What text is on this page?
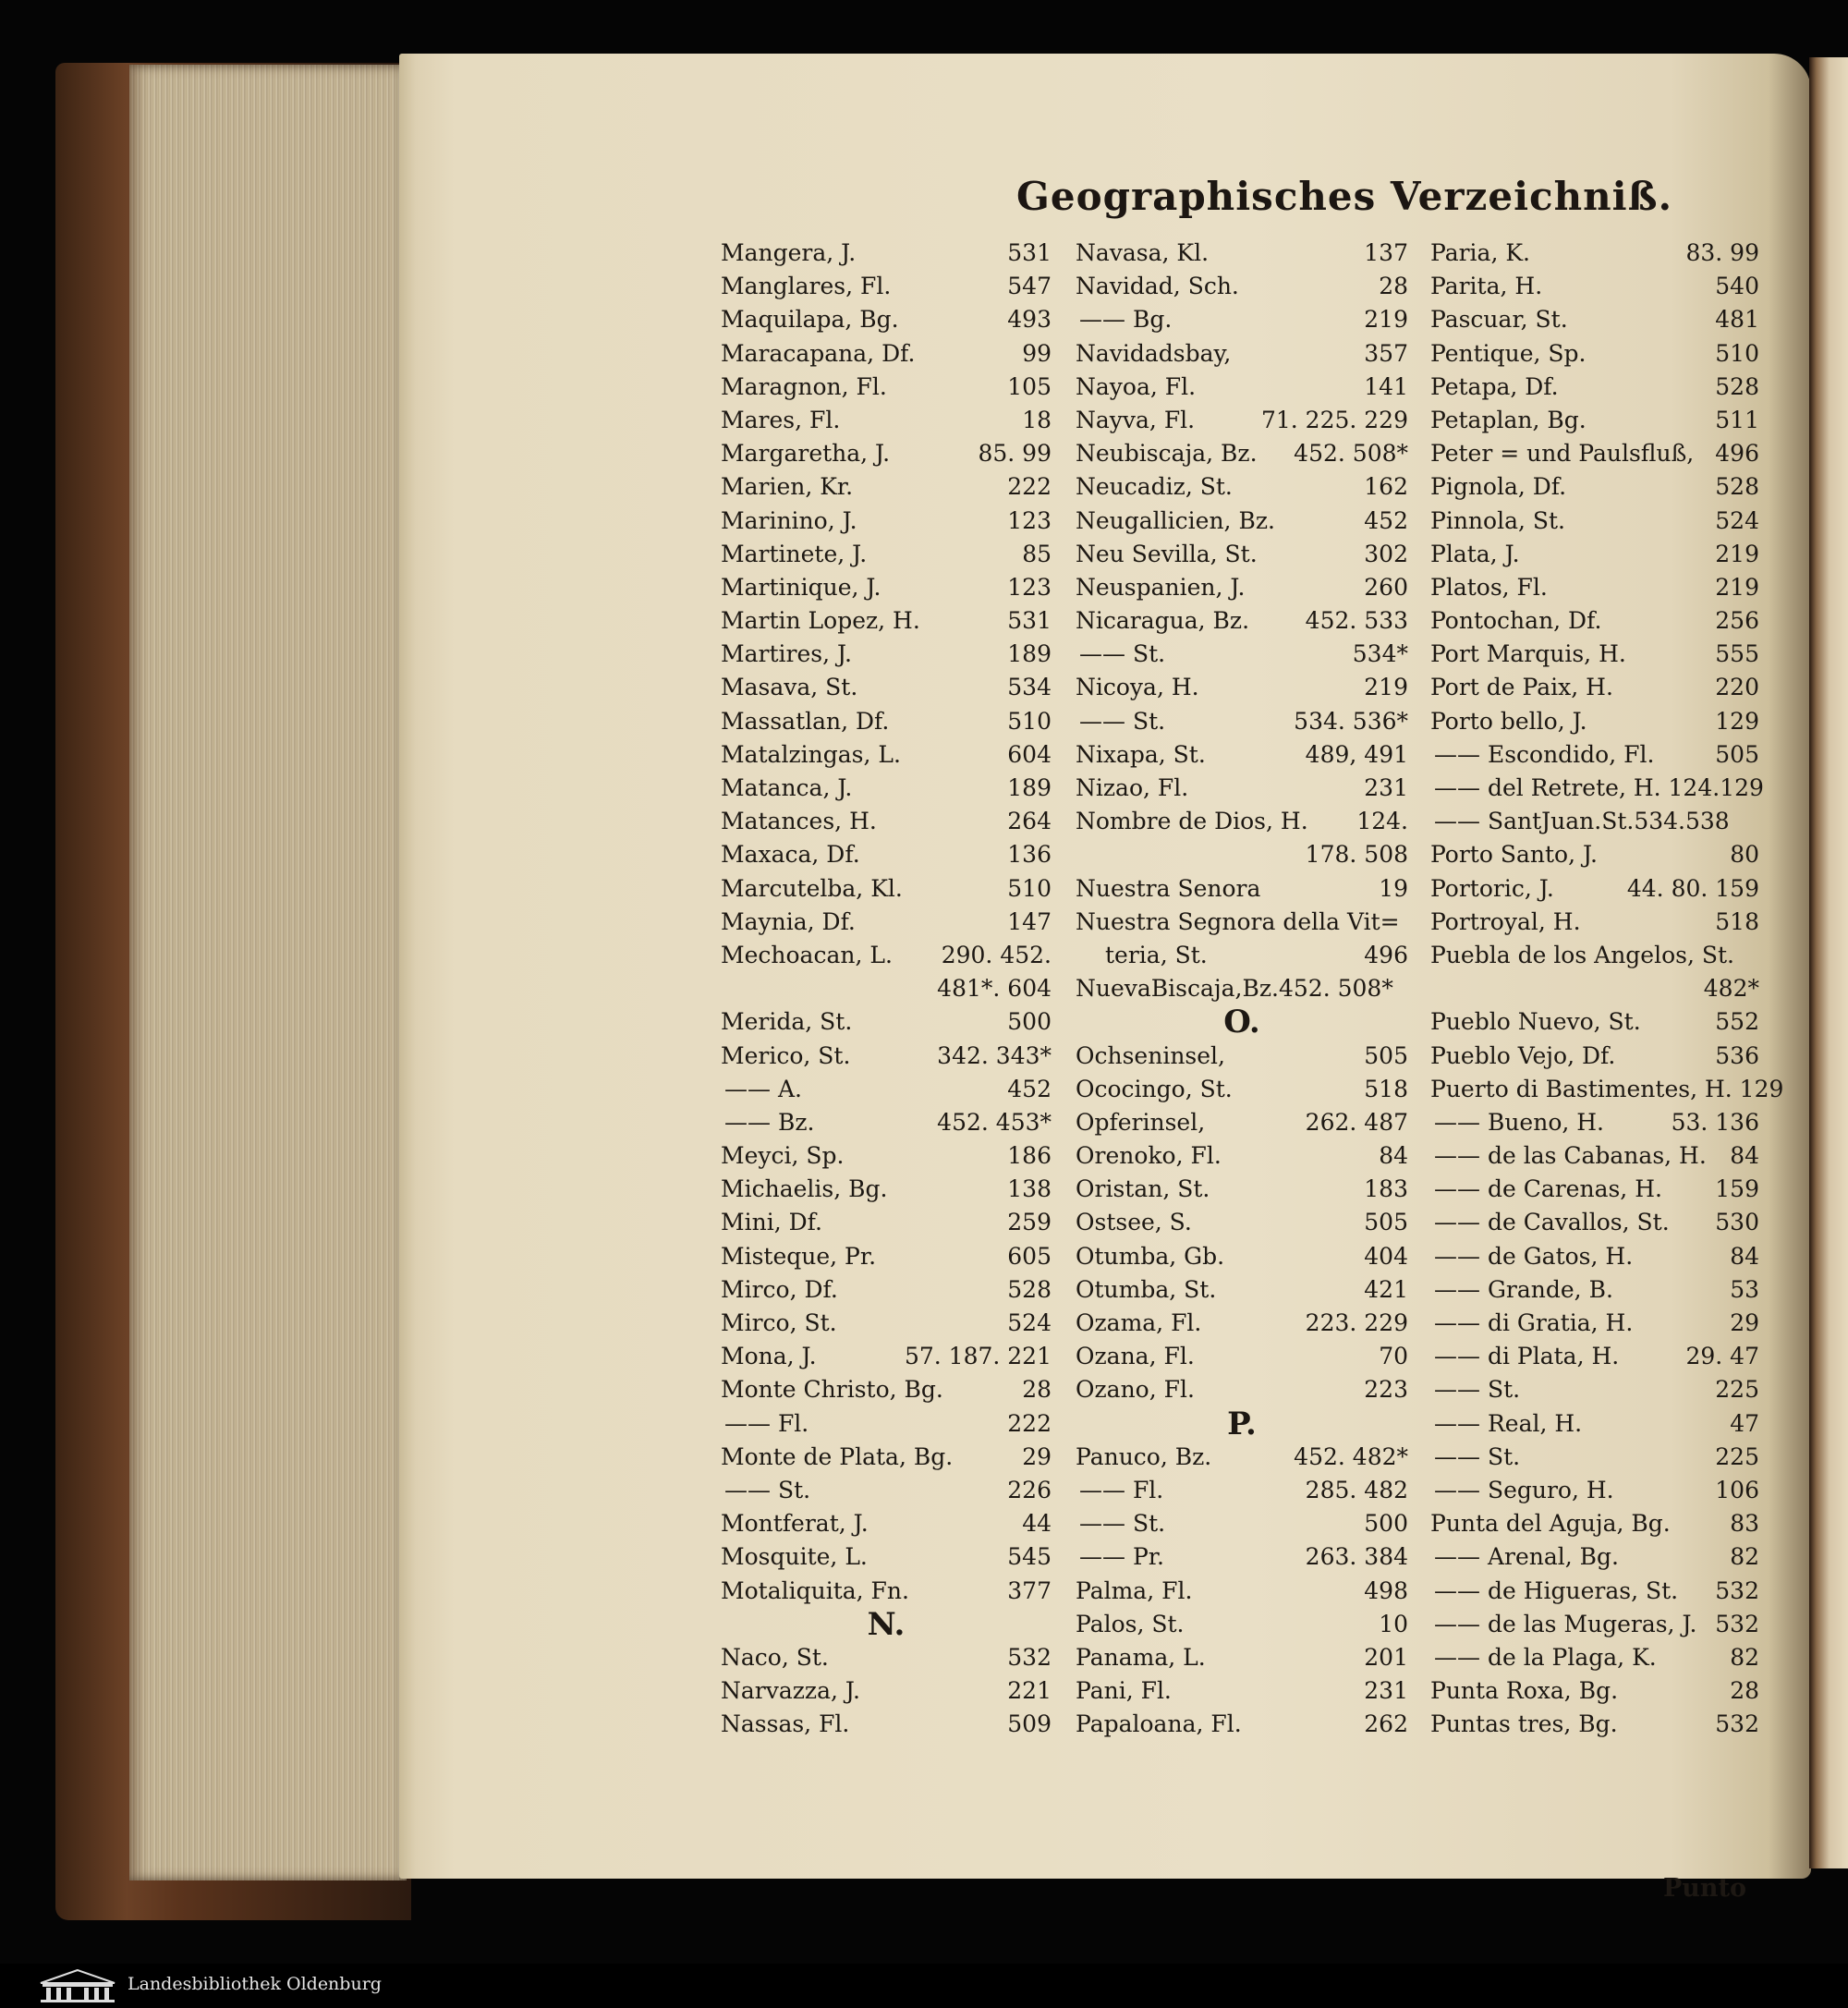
Geographisches Verzeichniß.
Mangera, J.	531
Manglares, Fl.	547
Maquilapa, Bg.	493
Maracapana, Df.	99
Maragnon, Fl.	105
Mares, Fl.	18
Margaretha, J.	85. 99
Marien, Kr.	222
Marinino, J.	123
Martinete, J.	85
Martinique, J.	123
Martin Lopez, H.	531
Martires, J.	189
Masava, St.	534
Massatlan, Df.	510
Matalzingas, L.	604
Matanca, J.	189
Matances, H.	264
Maxaca, Df.	136
Marcutelba, Kl.	510
Maynia, Df.	147
Mechoacan, L. 290. 452.
481*. 604
Merida, St.	500
Merico, St.	342. 343*
—— A.	452
—— Bz.	452. 453*
Meyci, Sp.	186
Michaelis, Bg.	138
Mini, Df.	259
Misteque, Pr.	605
Mirco, Df.	528
Mirco, St.	524
Mona, J.	57. 187. 221
Monte Christo, Bg.	28
—— Fl.	222
Monte de Plata, Bg.	29
—— St.	226
Montferat, J.	44
Mosquite, L.	545
Motaliquita, Fn.	377
N.
Naco, St.	532
Narvazza, J.	221
Nassas, Fl.	509
Navasa, Kl.	137
Navidad, Sch.	28
—— Bg.	219
Navidadsbay,	357
Nayoa, Fl.	141
Nayva, Fl.	71. 225. 229
Neubiscaja, Bz. 452. 508*
Neucadiz, St.	162
Neugallicien, Bz.	452
Neu Sevilla, St.	302
Neuspanien, J.	260
Nicaragua, Bz. 452. 533
—— St.	534*
Nicoya, H.	219
—— St.	534. 536*
Nixapa, St.	489, 491
Nizao, Fl.	231
Nombre de Dios, H. 124.
178. 508
Nuestra Senora	19
Nuestra Segnora della Vit=
teria, St.	496
NuevaBiscaja,Bz.452. 508*
O.
Ochseninsel,	505
Ococingo, St.	518
Opferinsel,	262. 487
Orenoko, Fl.	84
Oristan, St.	183
Ostsee, S.	505
Otumba, Gb.	404
Otumba, St.	421
Ozama, Fl.	223. 229
Ozana, Fl.	70
Ozano, Fl.	223
P.
Panuco, Bz.	452. 482*
—— Fl.	285. 482
—— St.	500
—— Pr.	263. 384
Palma, Fl.	498
Palos, St.	10
Panama, L.	201
Pani, Fl.	231
Papaloana, Fl.	262
Paria, K.	83. 99
Parita, H.	540
Pascuar, St.	481
Pentique, Sp.	510
Petapa, Df.	528
Petaplan, Bg.	511
Peter = und Paulsfluß, 496
Pignola, Df.	528
Pinnola, St.	524
Plata, J.	219
Platos, Fl.	219
Pontochan, Df.	256
Port Marquis, H.	555
Port de Paix, H.	220
Porto bello, J.	129
—— Escondido, Fl.	505
—— del Retrete, H. 124.129
—— SantJuan.St.534.538
Porto Santo, J.	80
Portoric, J.	44. 80. 159
Portroyal, H.	518
Puebla de los Angelos, St.
482*
Pueblo Nuevo, St.	552
Pueblo Vejo, Df.	536
Puerto di Bastimentes, H. 129
—— Bueno, H.	53. 136
—— de las Cabanas, H. 84
—— de Carenas, H. 159
—— de Cavallos, St. 530
—— de Gatos, H.	84
—— Grande, B.	53
—— di Gratia, H.	29
—— di Plata, H.	29. 47
—— St.	225
—— Real, H.	47
—— St.	225
—— Seguro, H.	106
Punta del Aguja, Bg.	83
—— Arenal, Bg.	82
—— de Higueras, St. 532
—— de las Mugeras, J. 532
—— de la Plaga, K.	82
Punta Roxa, Bg.	28
Puntas tres, Bg.	532
Punto
Landesbibliothek Oldenburg
